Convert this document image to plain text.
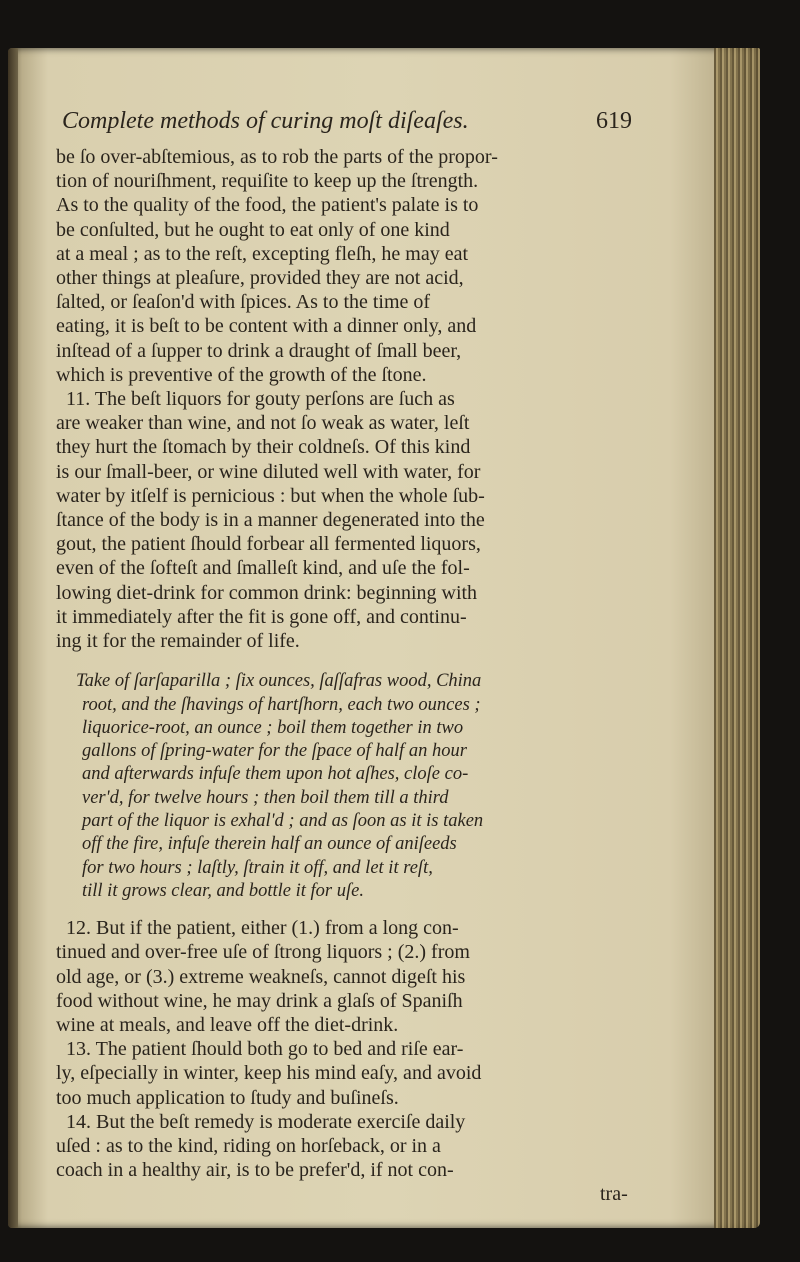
Complete methods of curing moſt diſeaſes.	619
be ſo over-abſtemious, as to rob the parts of the propor-
tion of nouriſhment, requiſite to keep up the ſtrength.
As to the quality of the food, the patient's palate is to
be conſulted, but he ought to eat only of one kind
at a meal ; as to the reſt, excepting fleſh, he may eat
other things at pleaſure, provided they are not acid,
ſalted, or ſeaſon'd with ſpices. As to the time of
eating, it is beſt to be content with a dinner only, and
inſtead of a ſupper to drink a draught of ſmall beer,
which is preventive of the growth of the ſtone.
11. The beſt liquors for gouty perſons are ſuch as
are weaker than wine, and not ſo weak as water, leſt
they hurt the ſtomach by their coldneſs. Of this kind
is our ſmall-beer, or wine diluted well with water, for
water by itſelf is pernicious : but when the whole ſub-
ſtance of the body is in a manner degenerated into the
gout, the patient ſhould forbear all fermented liquors,
even of the ſofteſt and ſmalleſt kind, and uſe the fol-
lowing diet-drink for common drink: beginning with
it immediately after the fit is gone off, and continu-
ing it for the remainder of life.
Take of ſarſaparilla ; ſix ounces, ſaſſafras wood, China
root, and the ſhavings of hartſhorn, each two ounces ;
liquorice-root, an ounce ; boil them together in two
gallons of ſpring-water for the ſpace of half an hour
and afterwards infuſe them upon hot aſhes, cloſe co-
ver'd, for twelve hours ; then boil them till a third
part of the liquor is exhal'd ; and as ſoon as it is taken
off the fire, infuſe therein half an ounce of aniſeeds
for two hours ; laſtly, ſtrain it off, and let it reſt,
till it grows clear, and bottle it for uſe.
12. But if the patient, either (1.) from a long con-
tinued and over-free uſe of ſtrong liquors ; (2.) from
old age, or (3.) extreme weakneſs, cannot digeſt his
food without wine, he may drink a glaſs of Spaniſh
wine at meals, and leave off the diet-drink.
13. The patient ſhould both go to bed and riſe ear-
ly, eſpecially in winter, keep his mind eaſy, and avoid
too much application to ſtudy and buſineſs.
14. But the beſt remedy is moderate exerciſe daily
uſed : as to the kind, riding on horſeback, or in a
coach in a healthy air, is to be prefer'd, if not con-
tra-
